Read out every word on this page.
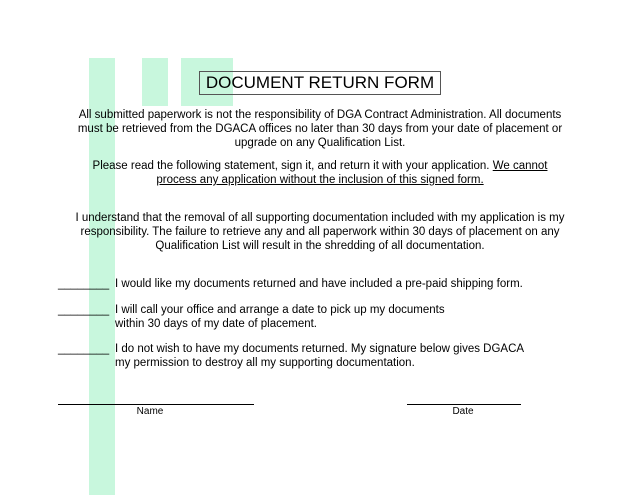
DOCUMENT RETURN FORM

All submitted paperwork is not the responsibility of DGA Contract Administration. All documents

must be retrieved from the DGACA offices no later than 30 days from your date of placement or

upgrade on any Qualification List.

Please read the following statement, sign it, and return it with your application. We cannot

process any application without the inclusion of this signed form.

I understand that the removal of all supporting documentation included with my application is my

responsibility. The failure to retrieve any and all paperwork within 30 days of placement on any

Qualification List will result in the shredding of all documentation.

________ I would like my documents returned and have included a pre-paid shipping form.
________ I will call your office and arrange a date to pick up my documents
within 30 days of my date of placement.
________ I do not wish to have my documents returned. My signature below gives DGACA
my permission to destroy all my supporting documentation.
Name	Date
